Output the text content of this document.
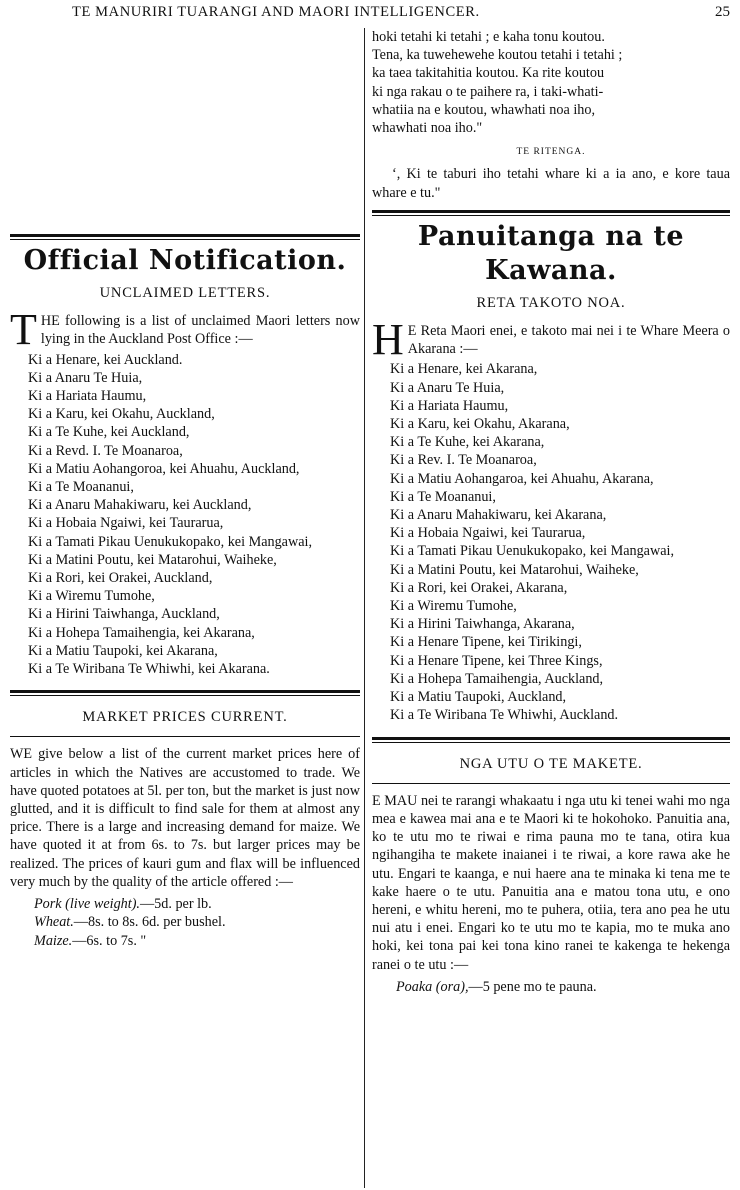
TE MANURIRI TUARANGI AND MAORI INTELLIGENCER.	25
Official Notification.

UNCLAIMED LETTERS.

T HE following is a list of unclaimed Maori letters now lying in the Auckland Post Office :—

Ki a Henare, kei Auckland.
Ki a Anaru Te Huia,
Ki a Hariata Haumu,
Ki a Karu, kei Okahu, Auckland,
Ki a Te Kuhe, kei Auckland,
Ki a Revd. I. Te Moanaroa,
Ki a Matiu Aohangoroa, kei Ahuahu, Auckland,
Ki a Te Moananui,
Ki a Anaru Mahakiwaru, kei Auckland,
Ki a Hobaia Ngaiwi, kei Taurarua,
Ki a Tamati Pikau Uenukukopako, kei Mangawai,
Ki a Matini Poutu, kei Matarohui, Waiheke,
Ki a Rori, kei Orakei, Auckland,
Ki a Wiremu Tumohe,
Ki a Hirini Taiwhanga, Auckland,
Ki a Hohepa Tamaihengia, kei Akarana,
Ki a Matiu Taupoki, kei Akarana,
Ki a Te Wiribana Te Whiwhi, kei Akarana.

MARKET PRICES CURRENT.

WE give below a list of the current market prices here of articles in which the Natives are accustomed to trade. We have quoted potatoes at 5l. per ton, but the market is just now glutted, and it is difficult to find sale for them at almost any price. There is a large and increasing demand for maize. We have quoted it at from 6s. to 7s. but larger prices may be realized. The prices of kauri gum and flax will be influenced very much by the quality of the article offered :—

Pork (live weight).—5d. per lb.
Wheat.—8s. to 8s. 6d. per bushel.
Maize.—6s. to 7s. "

hoki tetahi ki tetahi ; e kaha tonu koutou.

Tena, ka tuwehewehe koutou tetahi i tetahi ;

ka taea takitahitia koutou. Ka rite koutou

ki nga rakau o te paihere ra, i taki-whati-

whatiia na e koutou, whawhati noa iho,

whawhati noa iho."

TE RITENGA.

‘, Ki te taburi iho tetahi whare ki a ia ano, e kore taua whare e tu."

Panuitanga na te Kawana.

RETA TAKOTO NOA.

H E Reta Maori enei, e takoto mai nei i te Whare Meera o Akarana :—

Ki a Henare, kei Akarana,
Ki a Anaru Te Huia,
Ki a Hariata Haumu,
Ki a Karu, kei Okahu, Akarana,
Ki a Te Kuhe, kei Akarana,
Ki a Rev. I. Te Moanaroa,
Ki a Matiu Aohangaroa, kei Ahuahu, Akarana,
Ki a Te Moananui,
Ki a Anaru Mahakiwaru, kei Akarana,
Ki a Hobaia Ngaiwi, kei Taurarua,
Ki a Tamati Pikau Uenukukopako, kei Mangawai,
Ki a Matini Poutu, kei Matarohui, Waiheke,
Ki a Rori, kei Orakei, Akarana,
Ki a Wiremu Tumohe,
Ki a Hirini Taiwhanga, Akarana,
Ki a Henare Tipene, kei Tirikingi,
Ki a Henare Tipene, kei Three Kings,
Ki a Hohepa Tamaihengia, Auckland,
Ki a Matiu Taupoki, Auckland,
Ki a Te Wiribana Te Whiwhi, Auckland.

NGA UTU O TE MAKETE.

E MAU nei te rarangi whakaatu i nga utu ki tenei wahi mo nga mea e kawea mai ana e te Maori ki te hokohoko. Panuitia ana, ko te utu mo te riwai e rima pauna mo te tana, otira kua ngihangiha te makete inaianei i te riwai, a kore rawa ake he utu. Engari te kaanga, e nui haere ana te minaka ki tena me te kake haere o te utu. Panuitia ana e matou tona utu, e ono hereni, e whitu hereni, mo te puhera, otiia, tera ano pea he utu nui atu i enei. Engari ko te utu mo te kapia, mo te muka ano hoki, kei tona pai kei tona kino ranei te kakenga te hekenga ranei o te utu :—

Poaka (ora),—5 pene mo te pauna.
